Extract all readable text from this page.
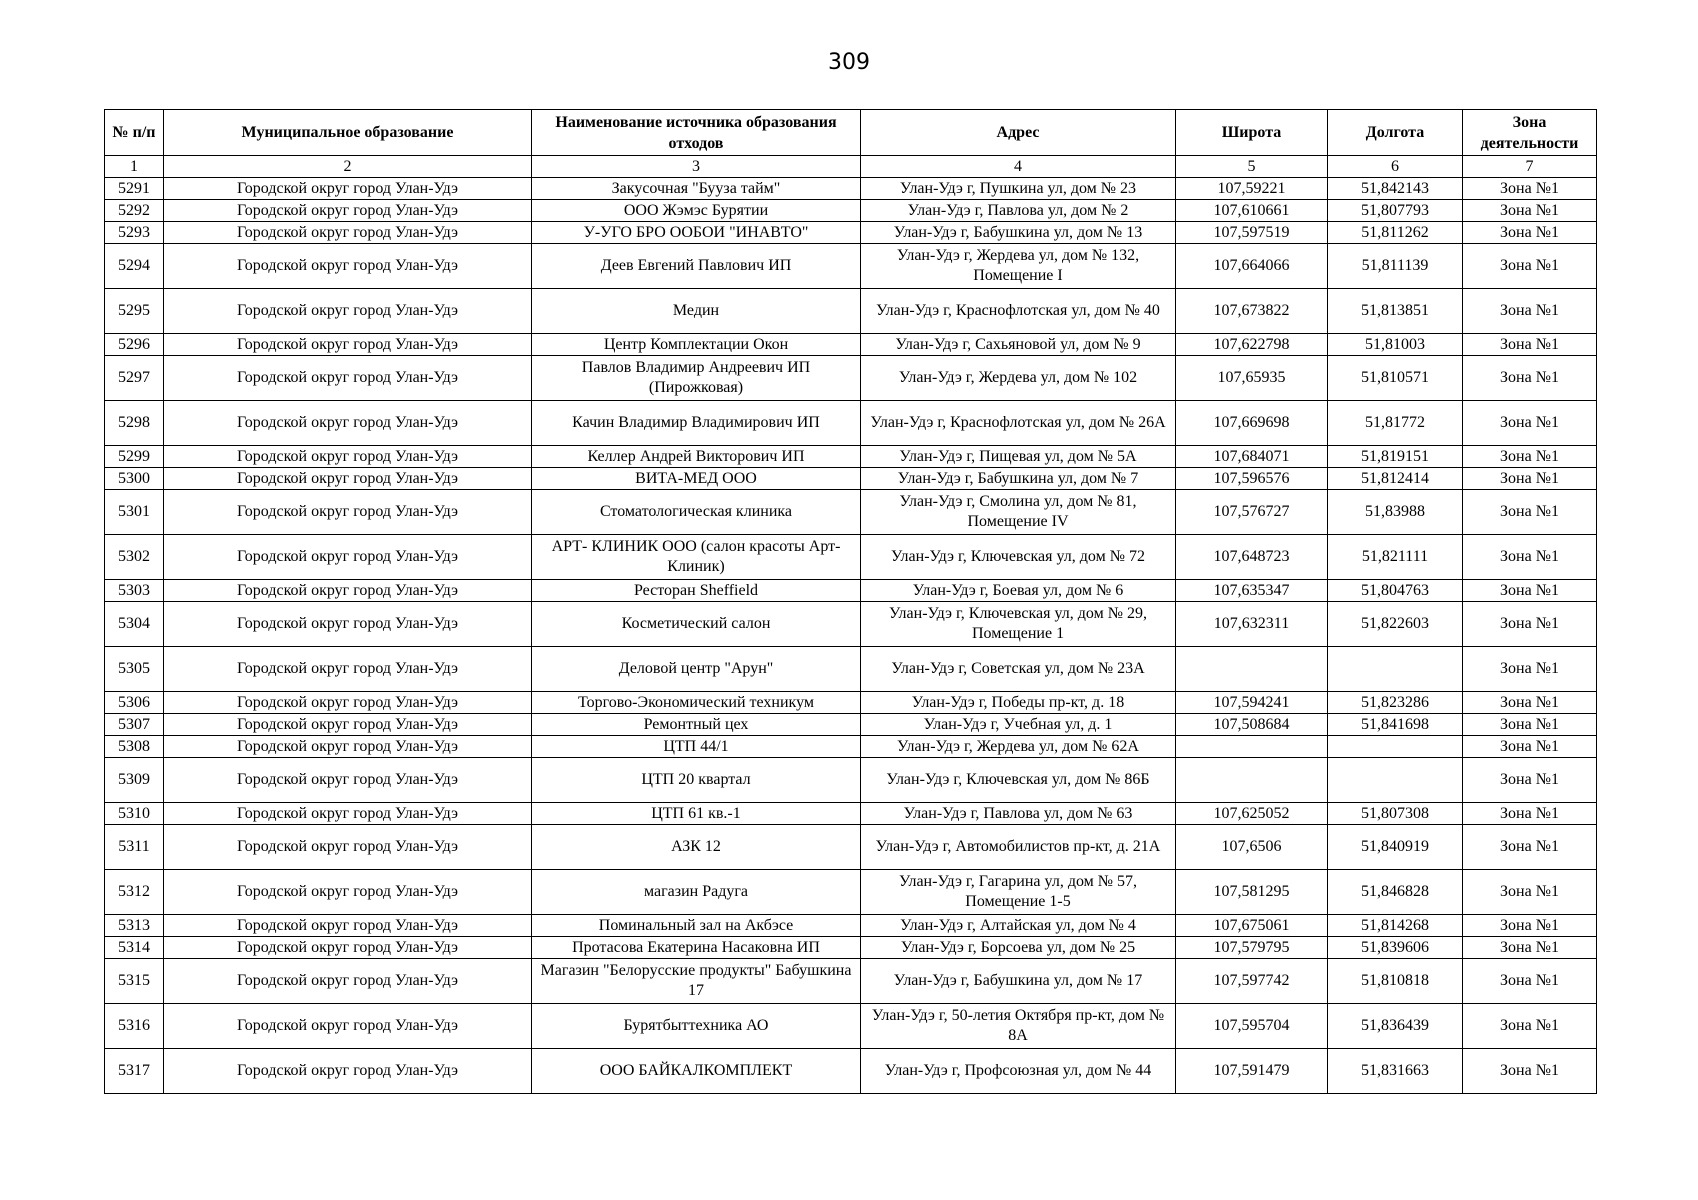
309
№ п/п	Муниципальное образование	Наименование источника образования отходов	Адрес	Широта	Долгота	Зона деятельности
1	2	3	4	5	6	7
5291	Городской округ город Улан-Удэ	Закусочная "Бууза тайм"	Улан-Удэ г, Пушкина ул, дом № 23	107,59221	51,842143	Зона №1
5292	Городской округ город Улан-Удэ	ООО Жэмэс Бурятии	Улан-Удэ г, Павлова ул, дом № 2	107,610661	51,807793	Зона №1
5293	Городской округ город Улан-Удэ	У-УГО БРО ООБОИ "ИНАВТО"	Улан-Удэ г, Бабушкина ул, дом № 13	107,597519	51,811262	Зона №1
5294	Городской округ город Улан-Удэ	Деев Евгений Павлович ИП	Улан-Удэ г, Жердева ул, дом № 132, Помещение I	107,664066	51,811139	Зона №1
5295	Городской округ город Улан-Удэ	Медин	Улан-Удэ г, Краснофлотская ул, дом № 40	107,673822	51,813851	Зона №1
5296	Городской округ город Улан-Удэ	Центр Комплектации Окон	Улан-Удэ г, Сахьяновой ул, дом № 9	107,622798	51,81003	Зона №1
5297	Городской округ город Улан-Удэ	Павлов Владимир Андреевич ИП (Пирожковая)	Улан-Удэ г, Жердева ул, дом № 102	107,65935	51,810571	Зона №1
5298	Городской округ город Улан-Удэ	Качин Владимир Владимирович ИП	Улан-Удэ г, Краснофлотская ул, дом № 26А	107,669698	51,81772	Зона №1
5299	Городской округ город Улан-Удэ	Келлер Андрей Викторович ИП	Улан-Удэ г, Пищевая ул, дом № 5А	107,684071	51,819151	Зона №1
5300	Городской округ город Улан-Удэ	ВИТА-МЕД ООО	Улан-Удэ г, Бабушкина ул, дом № 7	107,596576	51,812414	Зона №1
5301	Городской округ город Улан-Удэ	Стоматологическая клиника	Улан-Удэ г, Смолина ул, дом № 81, Помещение IV	107,576727	51,83988	Зона №1
5302	Городской округ город Улан-Удэ	АРТ- КЛИНИК ООО (салон красоты Арт-Клиник)	Улан-Удэ г, Ключевская ул, дом № 72	107,648723	51,821111	Зона №1
5303	Городской округ город Улан-Удэ	Ресторан Sheffield	Улан-Удэ г, Боевая ул, дом № 6	107,635347	51,804763	Зона №1
5304	Городской округ город Улан-Удэ	Косметический салон	Улан-Удэ г, Ключевская ул, дом № 29, Помещение 1	107,632311	51,822603	Зона №1
5305	Городской округ город Улан-Удэ	Деловой центр "Арун"	Улан-Удэ г, Советская ул, дом № 23А			Зона №1
5306	Городской округ город Улан-Удэ	Торгово-Экономический техникум	Улан-Удэ г, Победы пр-кт, д. 18	107,594241	51,823286	Зона №1
5307	Городской округ город Улан-Удэ	Ремонтный цех	Улан-Удэ г, Учебная ул, д. 1	107,508684	51,841698	Зона №1
5308	Городской округ город Улан-Удэ	ЦТП 44/1	Улан-Удэ г, Жердева ул, дом № 62А			Зона №1
5309	Городской округ город Улан-Удэ	ЦТП 20 квартал	Улан-Удэ г, Ключевская ул, дом № 86Б			Зона №1
5310	Городской округ город Улан-Удэ	ЦТП 61 кв.-1	Улан-Удэ г, Павлова ул, дом № 63	107,625052	51,807308	Зона №1
5311	Городской округ город Улан-Удэ	АЗК 12	Улан-Удэ г, Автомобилистов пр-кт, д. 21А	107,6506	51,840919	Зона №1
5312	Городской округ город Улан-Удэ	магазин Радуга	Улан-Удэ г, Гагарина ул, дом № 57, Помещение 1-5	107,581295	51,846828	Зона №1
5313	Городской округ город Улан-Удэ	Поминальный зал на Акбэсе	Улан-Удэ г, Алтайская ул, дом № 4	107,675061	51,814268	Зона №1
5314	Городской округ город Улан-Удэ	Протасова Екатерина Насаковна ИП	Улан-Удэ г, Борсоева ул, дом № 25	107,579795	51,839606	Зона №1
5315	Городской округ город Улан-Удэ	Магазин "Белорусские продукты" Бабушкина 17	Улан-Удэ г, Бабушкина ул, дом № 17	107,597742	51,810818	Зона №1
5316	Городской округ город Улан-Удэ	Бурятбыттехника АО	Улан-Удэ г, 50-летия Октября пр-кт, дом № 8А	107,595704	51,836439	Зона №1
5317	Городской округ город Улан-Удэ	ООО БАЙКАЛКОМПЛЕКТ	Улан-Удэ г, Профсоюзная ул, дом № 44	107,591479	51,831663	Зона №1
